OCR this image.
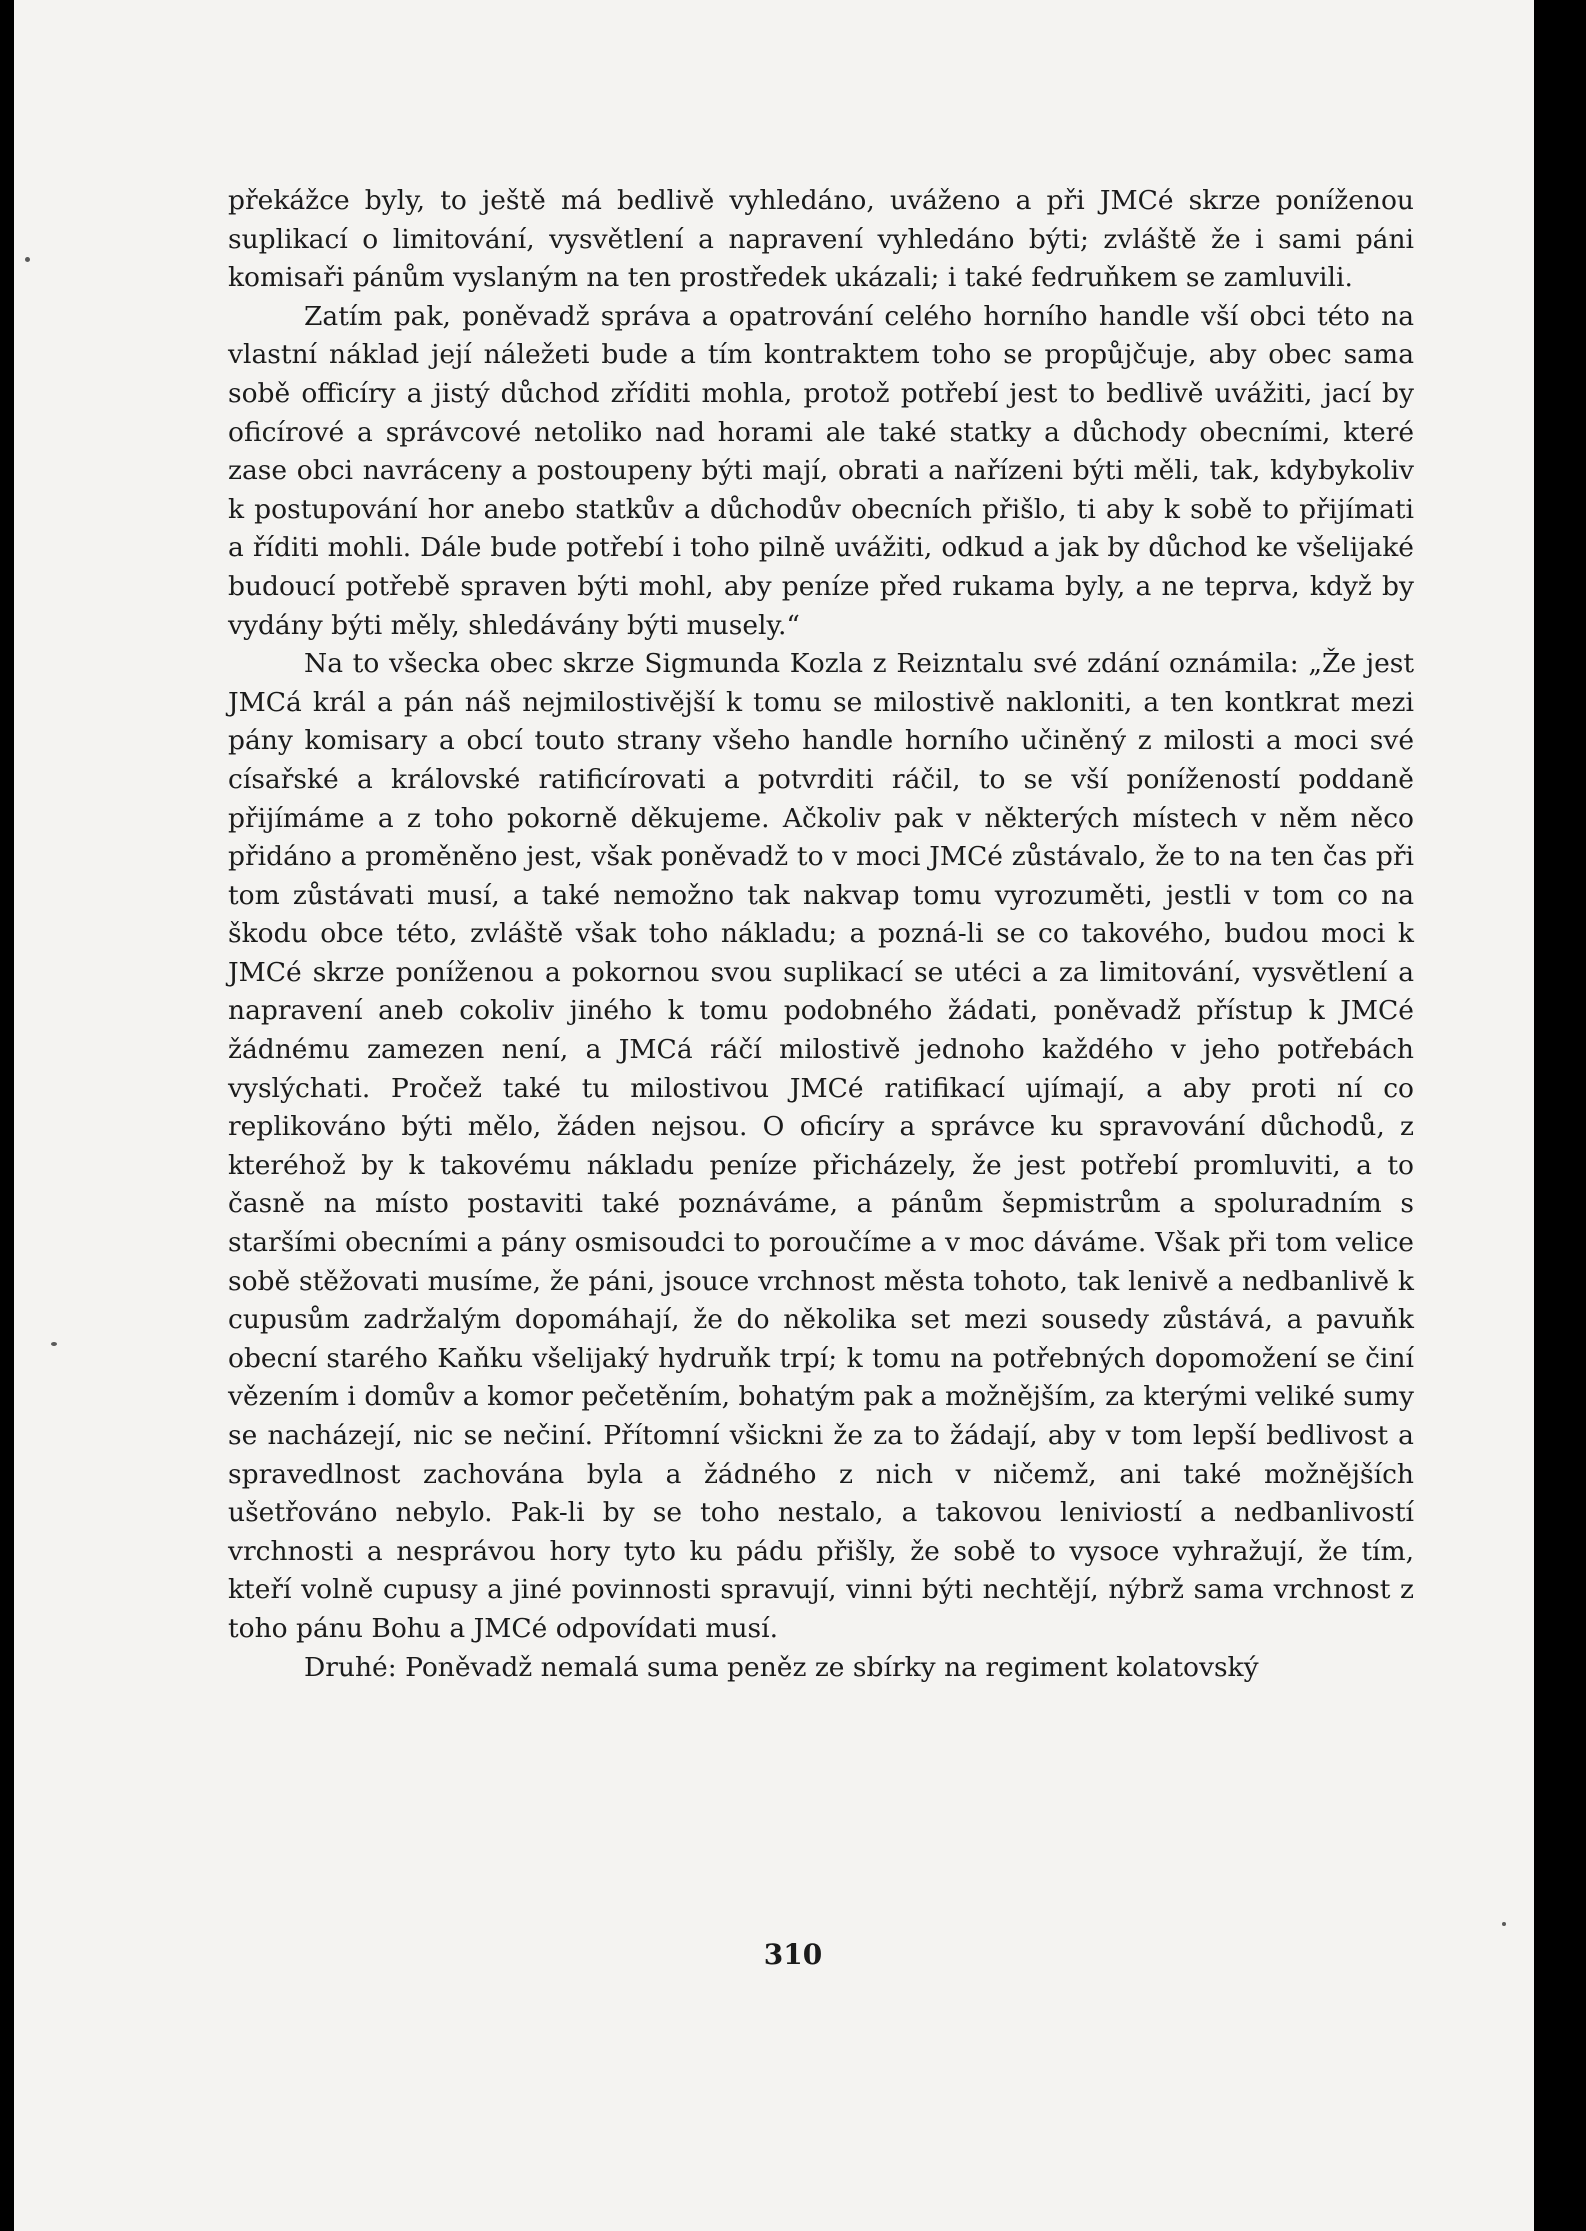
překážce byly, to ještě má bedlivě vyhledáno, uváženo a při JMCé skrze poníženou suplikací o limitování, vysvětlení a napravení vyhledáno býti; zvláště že i sami páni komisaři pánům vyslaným na ten prostředek ukázali; i také fedruňkem se zamluvili.

Zatím pak, poněvadž správa a opatrování celého horního handle vší obci této na vlastní náklad její náležeti bude a tím kontraktem toho se propůjčuje, aby obec sama sobě officíry a jistý důchod zříditi mohla, protož potřebí jest to bedlivě uvážiti, jací by oficírové a správcové netoliko nad horami ale také statky a důchody obecními, které zase obci navráceny a postoupeny býti mají, obrati a nařízeni býti měli, tak, kdybykoliv k postupování hor anebo statkův a důchodův obecních přišlo, ti aby k sobě to přijímati a říditi mohli. Dále bude potřebí i toho pilně uvážiti, odkud a jak by důchod ke všelijaké budoucí potřebě spraven býti mohl, aby peníze před rukama byly, a ne teprva, když by vydány býti měly, shledávány býti musely.“

Na to všecka obec skrze Sigmunda Kozla z Reizntalu své zdání oznámila: „Že jest JMCá král a pán náš nejmilostivější k tomu se milostivě nakloniti, a ten kontkrat mezi pány komisary a obcí touto strany všeho handle horního učiněný z milosti a moci své císařské a královské ratificírovati a potvrditi ráčil, to se vší ponížeností poddaně přijímáme a z toho pokorně děkujeme. Ačkoliv pak v některých místech v něm něco přidáno a proměněno jest, však poněvadž to v moci JMCé zůstávalo, že to na ten čas při tom zůstávati musí, a také nemožno tak nakvap tomu vyrozuměti, jestli v tom co na škodu obce této, zvláště však toho nákladu; a pozná-li se co takového, budou moci k JMCé skrze poníženou a pokornou svou suplikací se utéci a za limitování, vysvětlení a napravení aneb cokoliv jiného k tomu podobného žádati, poněvadž přístup k JMCé žádnému zamezen není, a JMCá ráčí milostivě jednoho každého v jeho potřebách vyslýchati. Pročež také tu milostivou JMCé ratifikací ujímají, a aby proti ní co replikováno býti mělo, žáden nejsou. O oficíry a správce ku spravování důchodů, z kteréhož by k takovému nákladu peníze přicházely, že jest potřebí promluviti, a to časně na místo postaviti také poznáváme, a pánům šepmistrům a spoluradním s staršími obecními a pány osmisoudci to poroučíme a v moc dáváme. Však při tom velice sobě stěžovati musíme, že páni, jsouce vrchnost města tohoto, tak lenivě a nedbanlivě k cupusům zadržalým dopomáhají, že do několika set mezi sousedy zůstává, a pavuňk obecní starého Kaňku všelijaký hydruňk trpí; k tomu na potřebných dopomožení se činí vězením i domův a komor pečetěním, bohatým pak a možnějším, za kterými veliké sumy se nacházejí, nic se nečiní. Přítomní všickni že za to žádají, aby v tom lepší bedlivost a spravedlnost zachována byla a žádného z nich v ničemž, ani také možnějších ušetřováno nebylo. Pak-li by se toho nestalo, a takovou leniviostí a nedbanlivostí vrchnosti a nesprávou hory tyto ku pádu přišly, že sobě to vysoce vyhražují, že tím, kteří volně cupusy a jiné povinnosti spravují, vinni býti nechtějí, nýbrž sama vrchnost z toho pánu Bohu a JMCé odpovídati musí.

Druhé: Poněvadž nemalá suma peněz ze sbírky na regiment kolatovský

310
